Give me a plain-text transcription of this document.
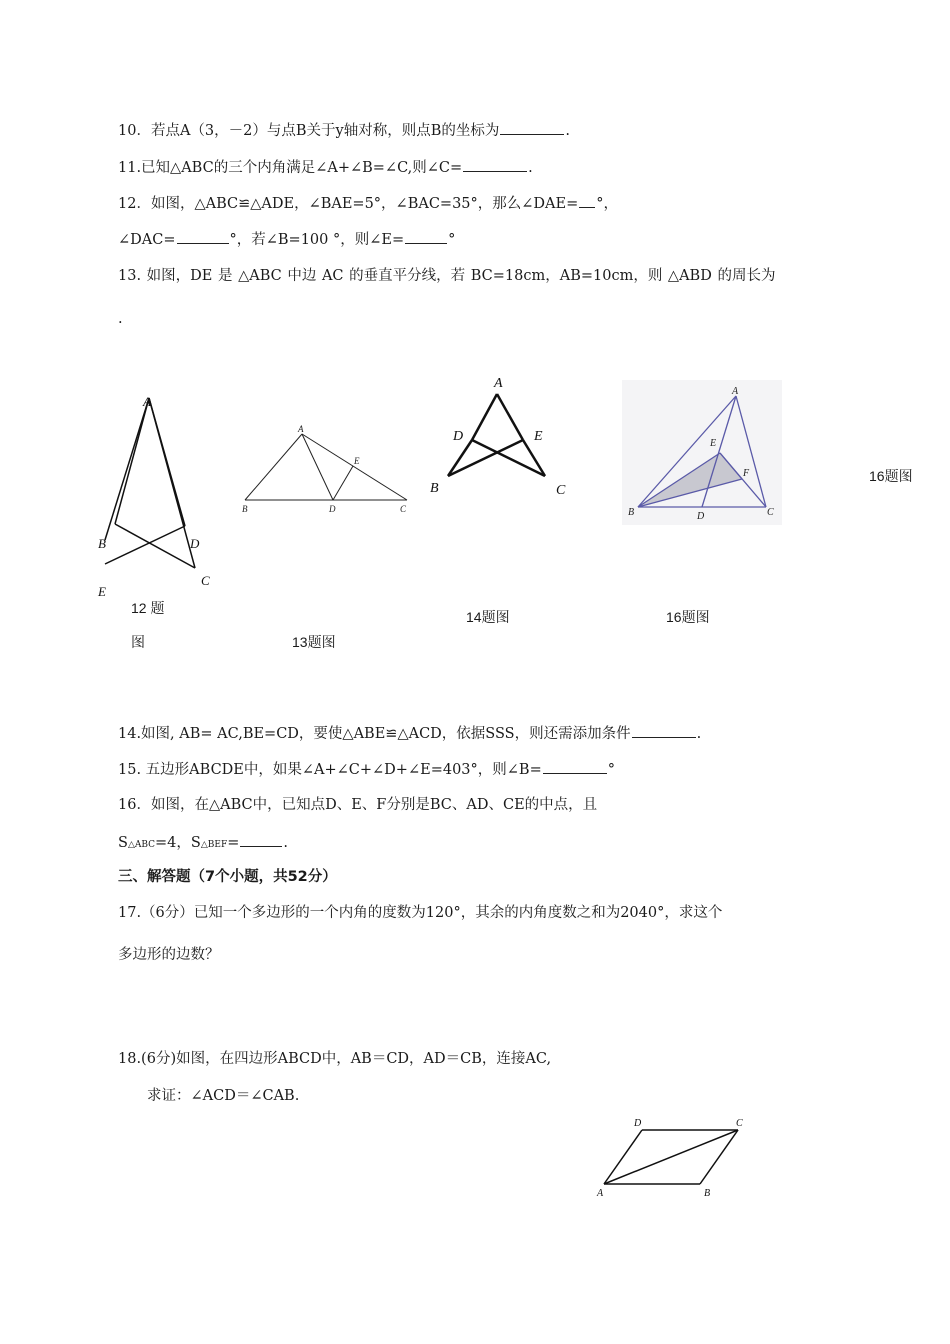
10．若点A（3，－2）与点B关于y轴对称，则点B的坐标为	.
11.已知△ABC的三个内角满足∠A+∠B=∠C,则∠C=	.
12．如图，△ABC≌△ADE，∠BAE=5°，∠BAC=35°，那么∠DAE= °，
∠DAC=	°，若∠B=100 °，则∠E=	°
13. 如图，DE 是 △ABC 中边 AC 的垂直平分线，若 BC=18cm，AB=10cm，则 △ABD 的周长为
.
A
B	D
E
C
12 题
图
A
B	D	C
E
13题图
A
D	E
B	C
14题图
A
E
F
B	D	C
16题图
16题图
14.如图, AB= AC,BE=CD，要使△ABE≌△ACD，依据SSS，则还需添加条件	.
15. 五边形ABCDE中，如果∠A+∠C+∠D+∠E=403°，则∠B=	°
16．如图，在△ABC中，已知点D、E、F分别是BC、AD、CE的中点，且
S△ABC=4，S△BEF=	.
三、解答题（7个小题，共52分）
17.（6分）已知一个多边形的一个内角的度数为120°，其余的内角度数之和为2040°，求这个
多边形的边数？
18.(6分)如图，在四边形ABCD中，AB＝CD，AD＝CB，连接AC,
求证：∠ACD＝∠CAB.
D	C
A	B
